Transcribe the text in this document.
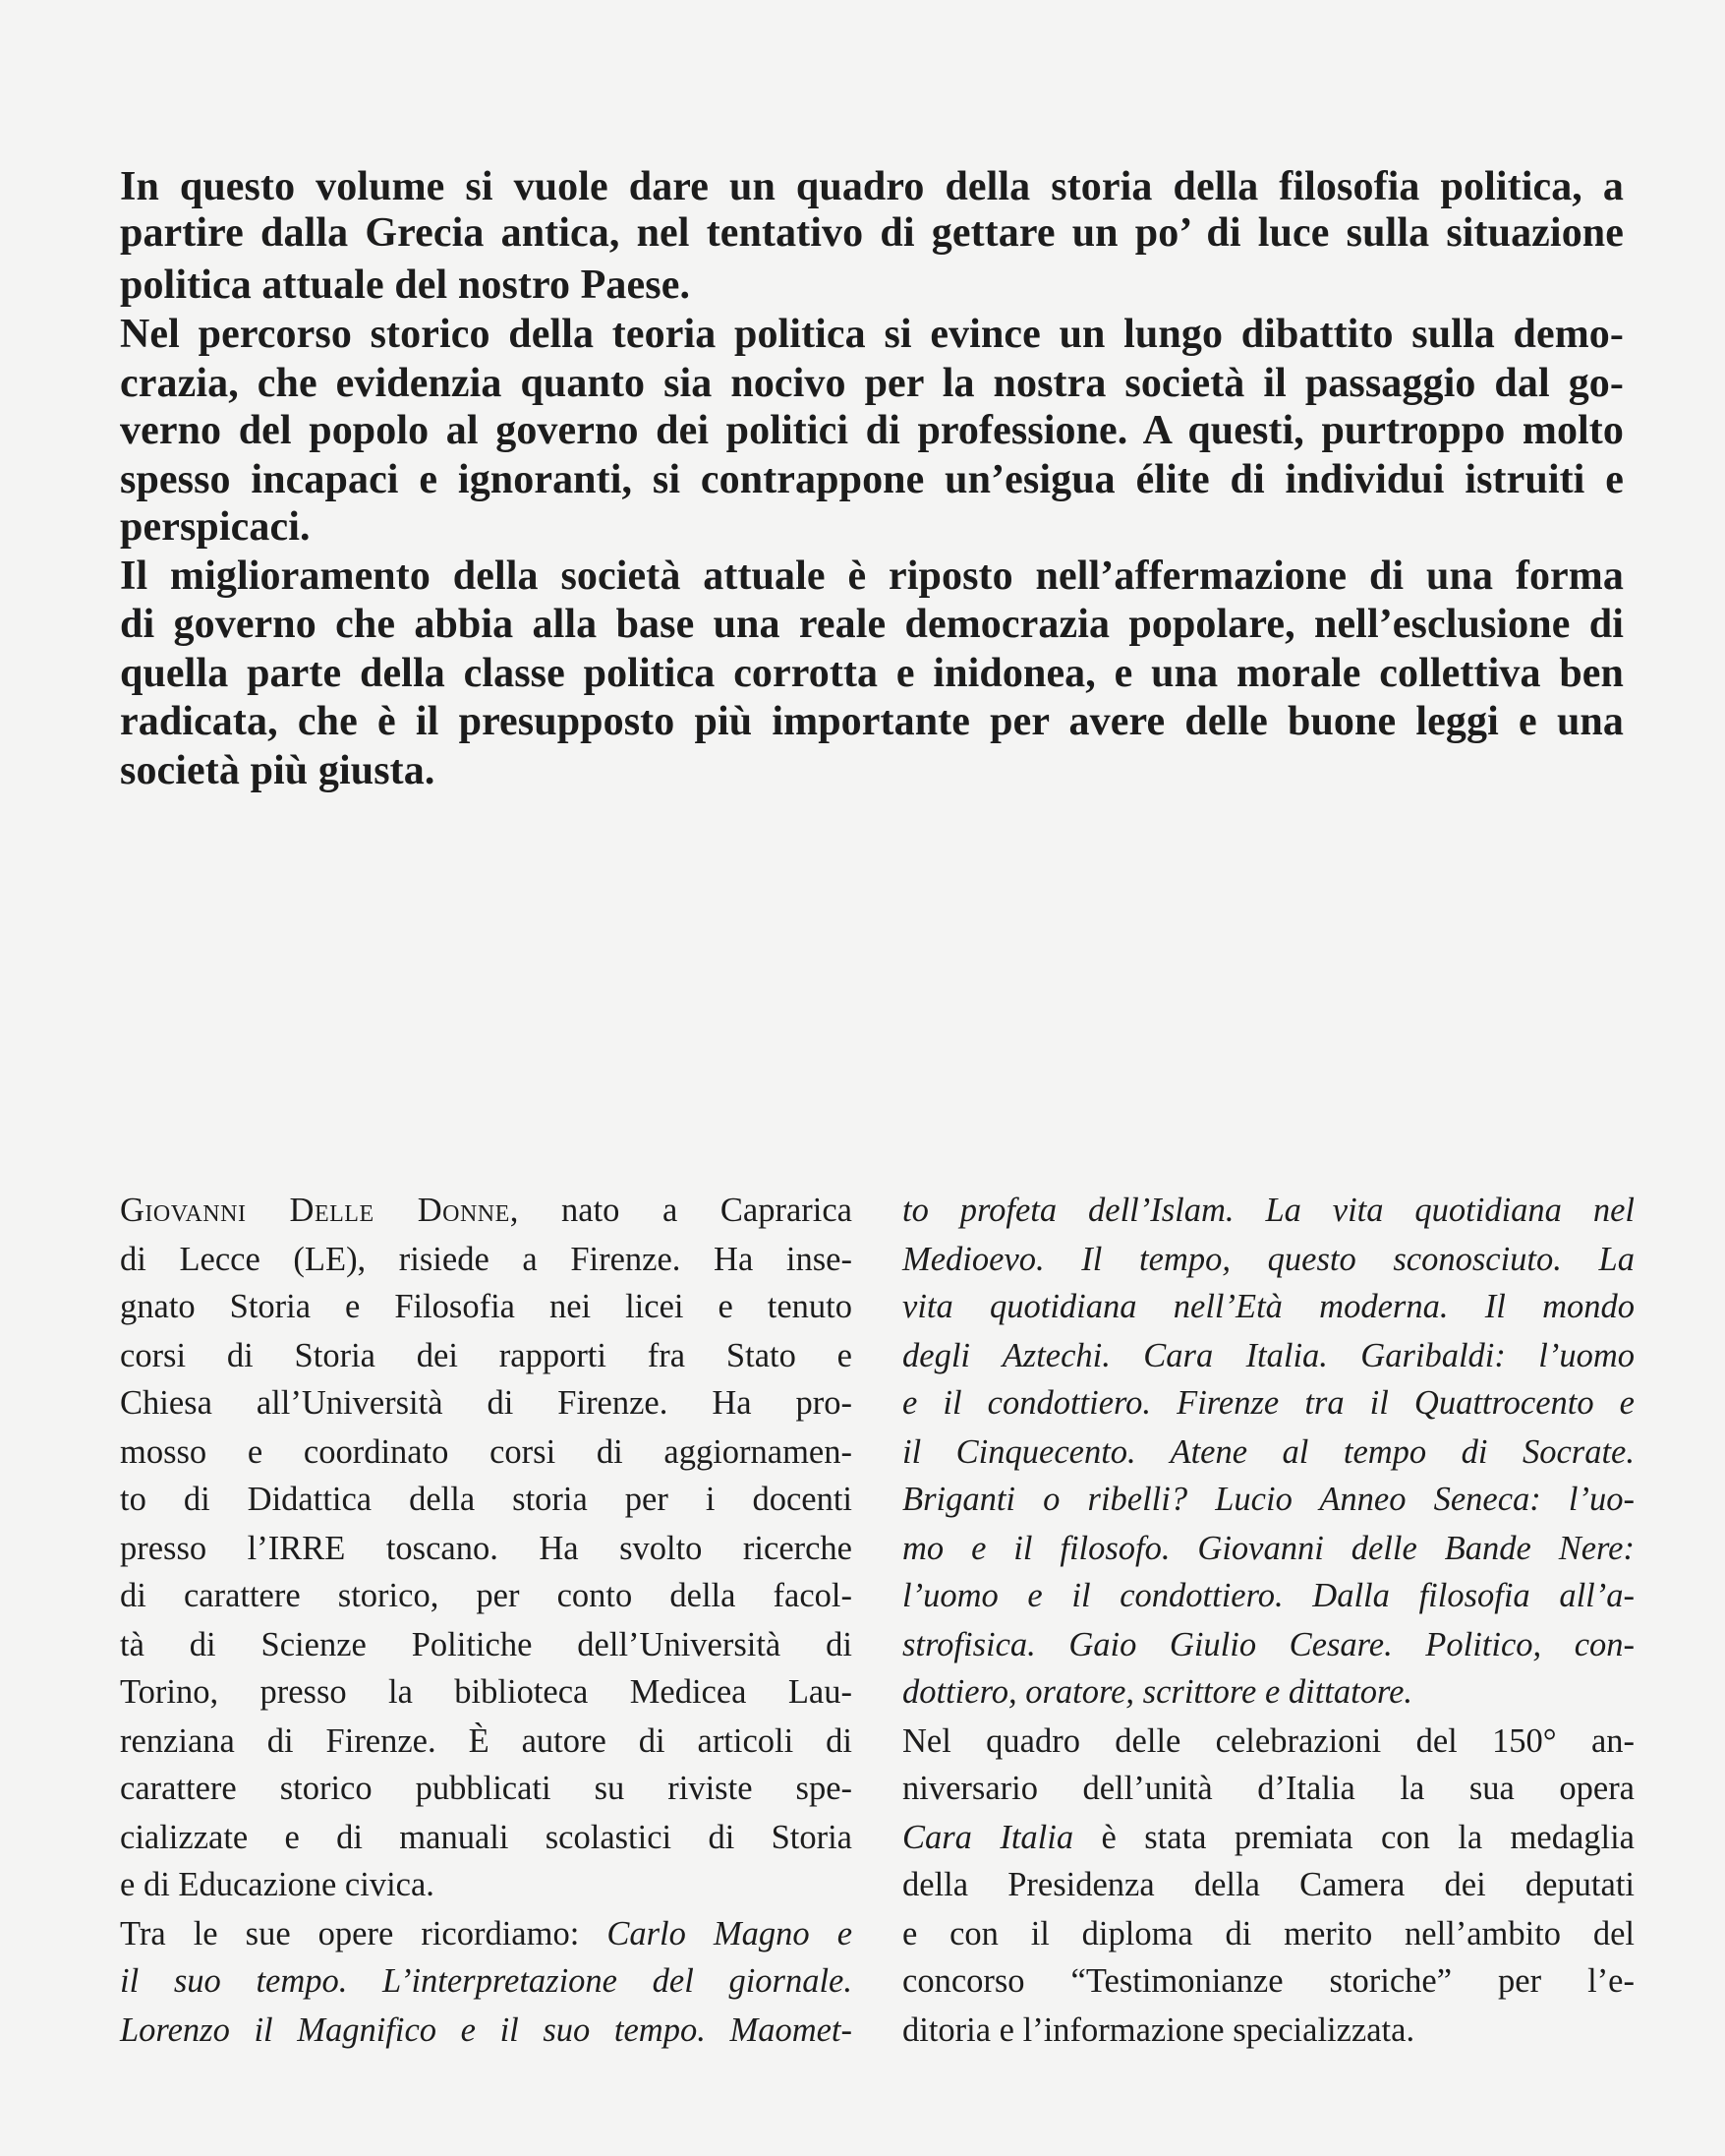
In questo volume si vuole dare un quadro della storia della filosofia politica, a
partire dalla Grecia antica, nel tentativo di gettare un po’ di luce sulla situazione
politica attuale del nostro Paese.
Nel percorso storico della teoria politica si evince un lungo dibattito sulla demo-
crazia, che evidenzia quanto sia nocivo per la nostra società il passaggio dal go-
verno del popolo al governo dei politici di professione. A questi, purtroppo molto
spesso incapaci e ignoranti, si contrappone un’esigua élite di individui istruiti e
perspicaci.
Il miglioramento della società attuale è riposto nell’affermazione di una forma
di governo che abbia alla base una reale democrazia popolare, nell’esclusione di
quella parte della classe politica corrotta e inidonea, e una morale collettiva ben
radicata, che è il presupposto più importante per avere delle buone leggi e una
società più giusta.
Giovanni Delle Donne, nato a Caprarica
di Lecce (LE), risiede a Firenze. Ha inse-
gnato Storia e Filosofia nei licei e tenuto
corsi di Storia dei rapporti fra Stato e
Chiesa all’Università di Firenze. Ha pro-
mosso e coordinato corsi di aggiornamen-
to di Didattica della storia per i docenti
presso l’IRRE toscano. Ha svolto ricerche
di carattere storico, per conto della facol-
tà di Scienze Politiche dell’Università di
Torino, presso la biblioteca Medicea Lau-
renziana di Firenze. È autore di articoli di
carattere storico pubblicati su riviste spe-
cializzate e di manuali scolastici di Storia
e di Educazione civica.
Tra le sue opere ricordiamo: Carlo Magno e
il suo tempo. L’interpretazione del giornale.
Lorenzo il Magnifico e il suo tempo. Maomet-
to profeta dell’Islam. La vita quotidiana nel
Medioevo. Il tempo, questo sconosciuto. La
vita quotidiana nell’Età moderna. Il mondo
degli Aztechi. Cara Italia. Garibaldi: l’uomo
e il condottiero. Firenze tra il Quattrocento e
il Cinquecento. Atene al tempo di Socrate.
Briganti o ribelli? Lucio Anneo Seneca: l’uo-
mo e il filosofo. Giovanni delle Bande Nere:
l’uomo e il condottiero. Dalla filosofia all’a-
strofisica. Gaio Giulio Cesare. Politico, con-
dottiero, oratore, scrittore e dittatore.
Nel quadro delle celebrazioni del 150° an-
niversario dell’unità d’Italia la sua opera
Cara Italia è stata premiata con la medaglia
della Presidenza della Camera dei deputati
e con il diploma di merito nell’ambito del
concorso “Testimonianze storiche” per l’e-
ditoria e l’informazione specializzata.
